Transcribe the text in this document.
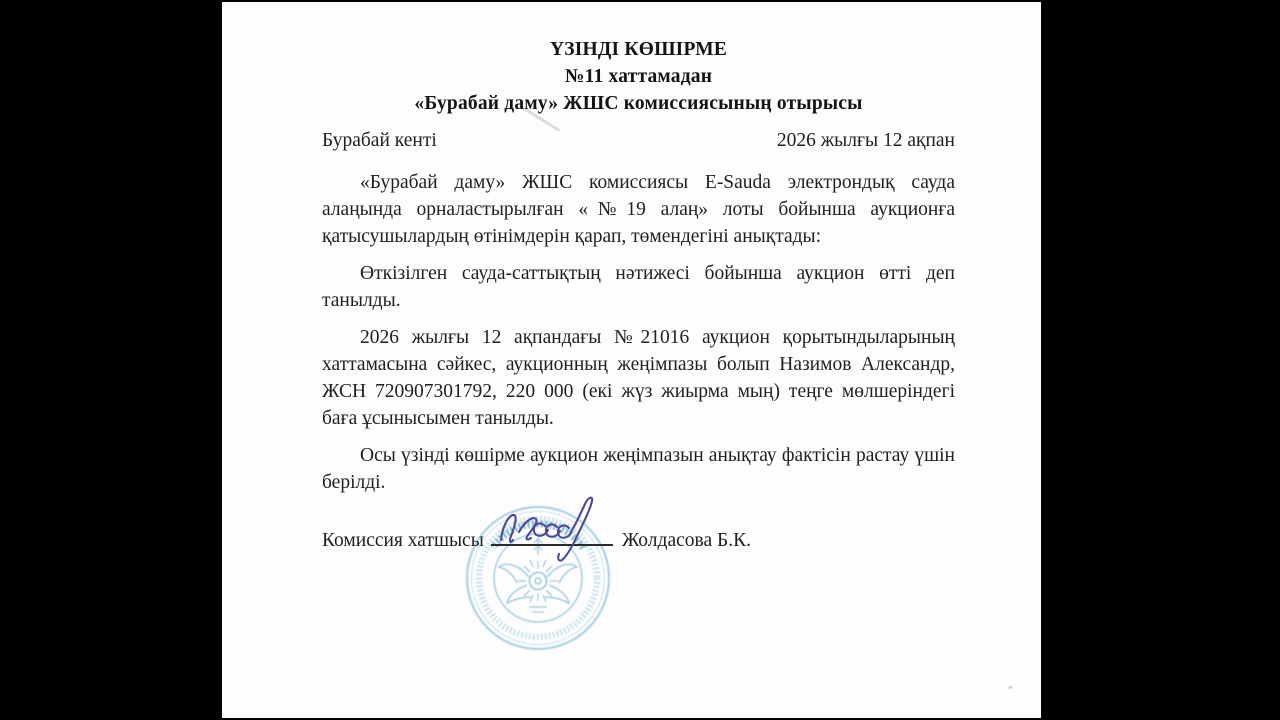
ҮЗІНДІ КӨШІРМЕ
№11 хаттамадан
«Бурабай даму» ЖШС комиссиясының отырысы
Бурабай кенті	2026 жылғы 12 ақпан

«Бурабай даму» ЖШС комиссиясы E-Sauda электрондық сауда алаңында орналастырылған «№19 алаң» лоты бойынша аукционға қатысушылардың өтінімдерін қарап, төмендегіні анықтады:

Өткізілген сауда-саттықтың нәтижесі бойынша аукцион өтті деп танылды.

2026 жылғы 12 ақпандағы №21016 аукцион қорытындыларының хаттамасына сәйкес, аукционның жеңімпазы болып Назимов Александр, ЖСН 720907301792, 220 000 (екі жүз жиырма мың) теңге мөлшеріндегі баға ұсынысымен танылды.

Осы үзінді көшірме аукцион жеңімпазын анықтау фактісін растау үшін берілді.

Комиссия хатшысы	Жолдасова Б.К.
